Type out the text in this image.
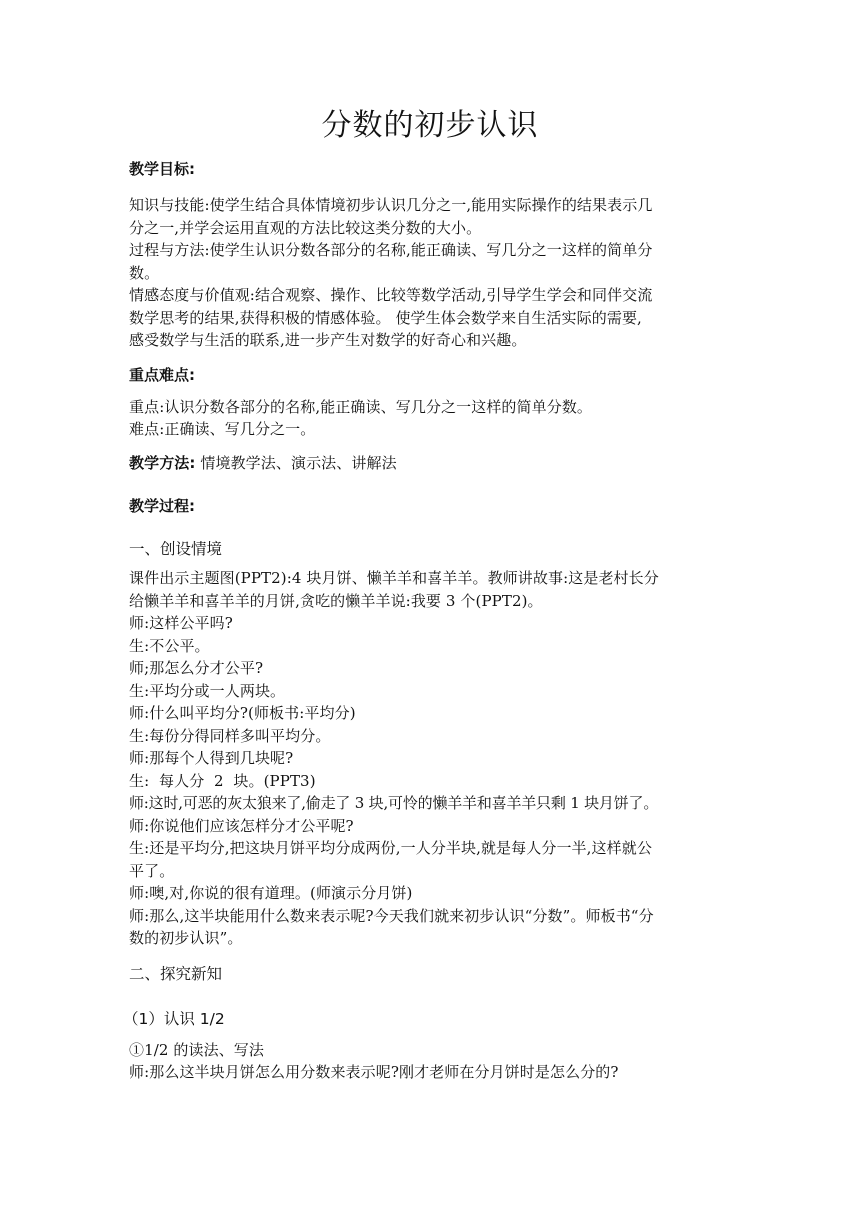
分数的初步认识
教学目标:
知识与技能:使学生结合具体情境初步认识几分之一,能用实际操作的结果表示几
分之一,并学会运用直观的方法比较这类分数的大小。
过程与方法:使学生认识分数各部分的名称,能正确读、写几分之一这样的简单分
数。
情感态度与价值观:结合观察、操作、比较等数学活动,引导学生学会和同伴交流
数学思考的结果,获得积极的情感体验。 使学生体会数学来自生活实际的需要,
感受数学与生活的联系,进一步产生对数学的好奇心和兴趣。
重点难点:
重点:认识分数各部分的名称,能正确读、写几分之一这样的简单分数。
难点:正确读、写几分之一。
教学方法: 情境教学法、演示法、讲解法
教学过程:
一、创设情境
课件出示主题图(PPT2):4 块月饼、懒羊羊和喜羊羊。教师讲故事:这是老村长分
给懒羊羊和喜羊羊的月饼,贪吃的懒羊羊说:我要 3 个(PPT2)。
师:这样公平吗?
生:不公平。
师;那怎么分才公平?
生:平均分或一人两块。
师:什么叫平均分?(师板书:平均分)
生:每份分得同样多叫平均分。
师:那每个人得到几块呢?
生:  每人分  2  块。(PPT3)
师:这时,可恶的灰太狼来了,偷走了 3 块,可怜的懒羊羊和喜羊羊只剩 1 块月饼了。
师:你说他们应该怎样分才公平呢?
生:还是平均分,把这块月饼平均分成两份,一人分半块,就是每人分一半,这样就公
平了。
师:噢,对,你说的很有道理。(师演示分月饼)
师:那么,这半块能用什么数来表示呢?今天我们就来初步认识“分数”。师板书“分
数的初步认识”。
二、探究新知
（1）认识 1/2
①1/2 的读法、写法
师:那么这半块月饼怎么用分数来表示呢?刚才老师在分月饼时是怎么分的?
